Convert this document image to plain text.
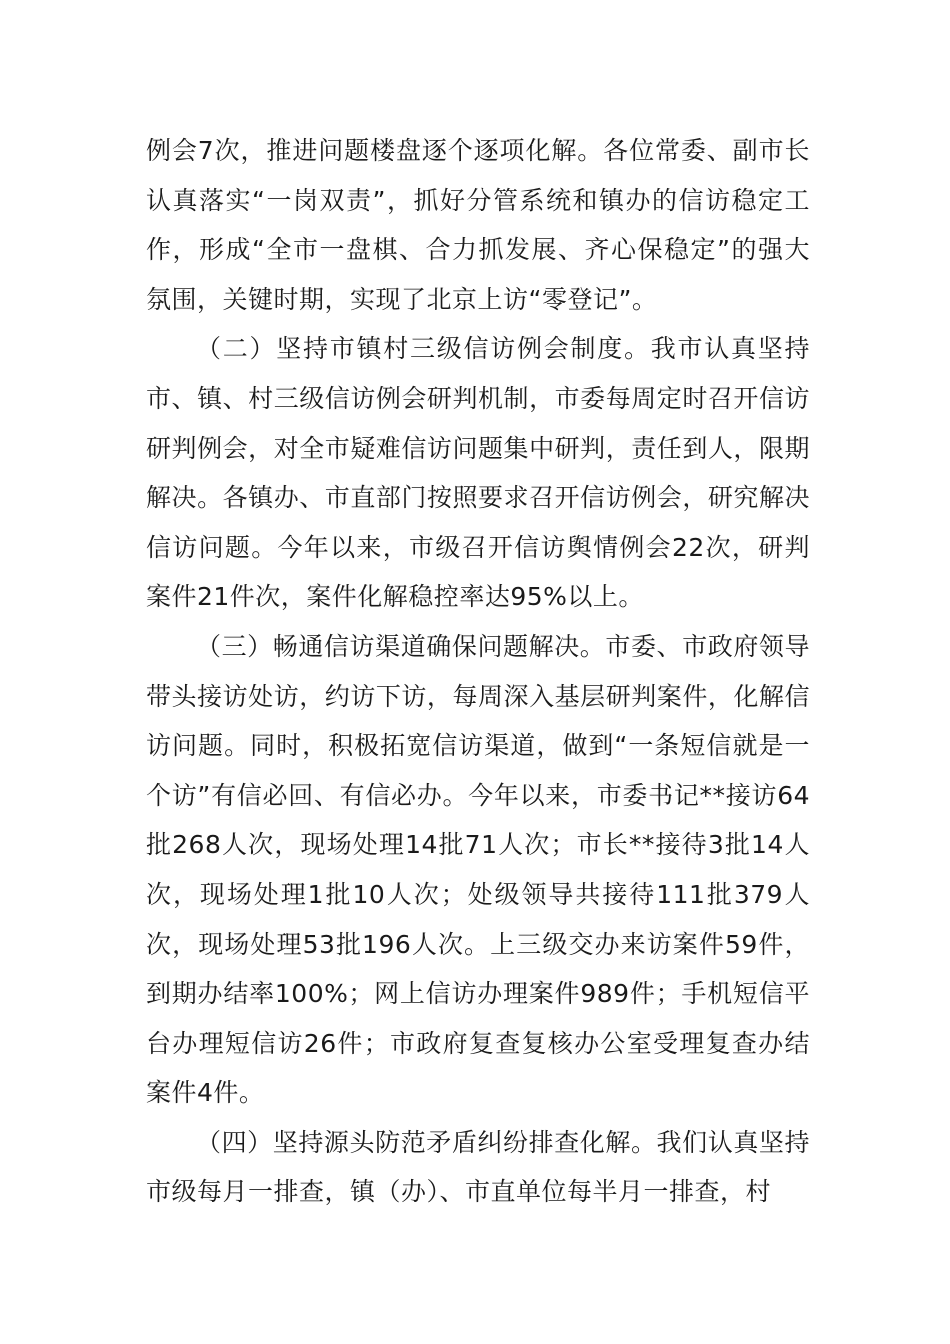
例会7次，推进问题楼盘逐个逐项化解。各位常委、副市长认真落实“一岗双责”，抓好分管系统和镇办的信访稳定工作，形成“全市一盘棋、合力抓发展、齐心保稳定”的强大氛围，关键时期，实现了北京上访“零登记”。

（二）坚持市镇村三级信访例会制度。我市认真坚持市、镇、村三级信访例会研判机制，市委每周定时召开信访研判例会，对全市疑难信访问题集中研判，责任到人，限期解决。各镇办、市直部门按照要求召开信访例会，研究解决信访问题。今年以来，市级召开信访舆情例会22次，研判案件21件次，案件化解稳控率达95%以上。

（三）畅通信访渠道确保问题解决。市委、市政府领导带头接访处访，约访下访，每周深入基层研判案件，化解信访问题。同时，积极拓宽信访渠道，做到“一条短信就是一个访”有信必回、有信必办。今年以来，市委书记**接访64批268人次，现场处理14批71人次；市长**接待3批14人次，现场处理1批10人次；处级领导共接待111批379人次，现场处理53批196人次。上三级交办来访案件59件，到期办结率100%；网上信访办理案件989件；手机短信平台办理短信访26件；市政府复查复核办公室受理复查办结案件4件。

（四）坚持源头防范矛盾纠纷排查化解。我们认真坚持市级每月一排查，镇（办）、市直单位每半月一排查，村
